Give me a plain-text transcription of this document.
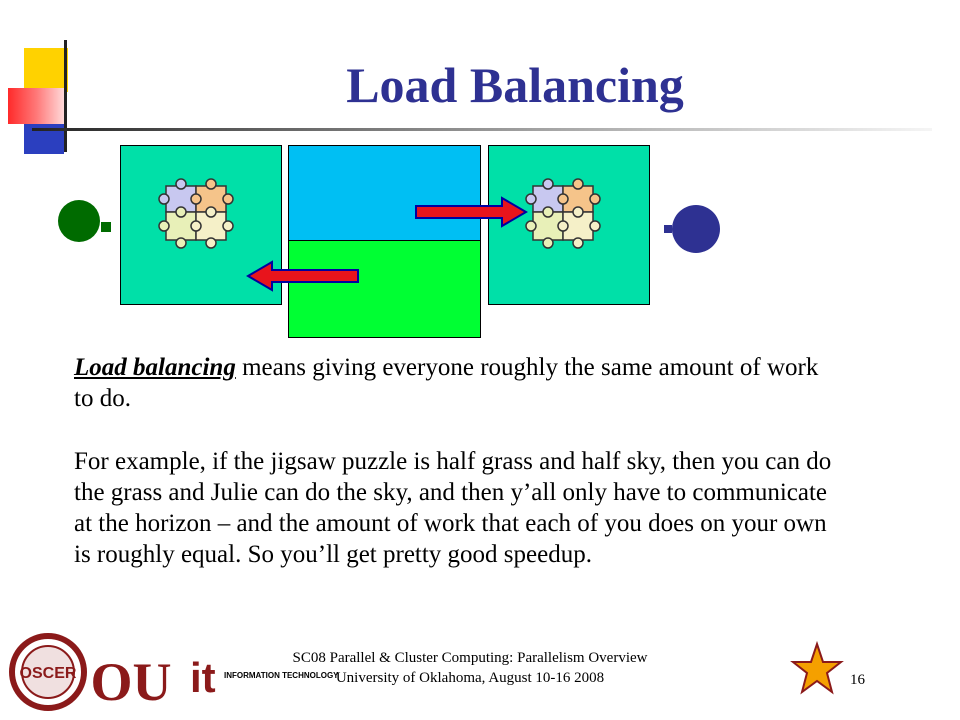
Load Balancing
Load balancing means giving everyone roughly the same amount of work to do.
For example, if the jigsaw puzzle is half grass and half sky, then you can do the grass and Julie can do the sky, and then y’all only have to communicate at the horizon – and the amount of work that each of you does on your own is roughly equal. So you’ll get pretty good speedup.
OSCER OU it INFORMATION TECHNOLOGY
SC08 Parallel & Cluster Computing: Parallelism Overview
University of Oklahoma, August 10-16 2008	16
